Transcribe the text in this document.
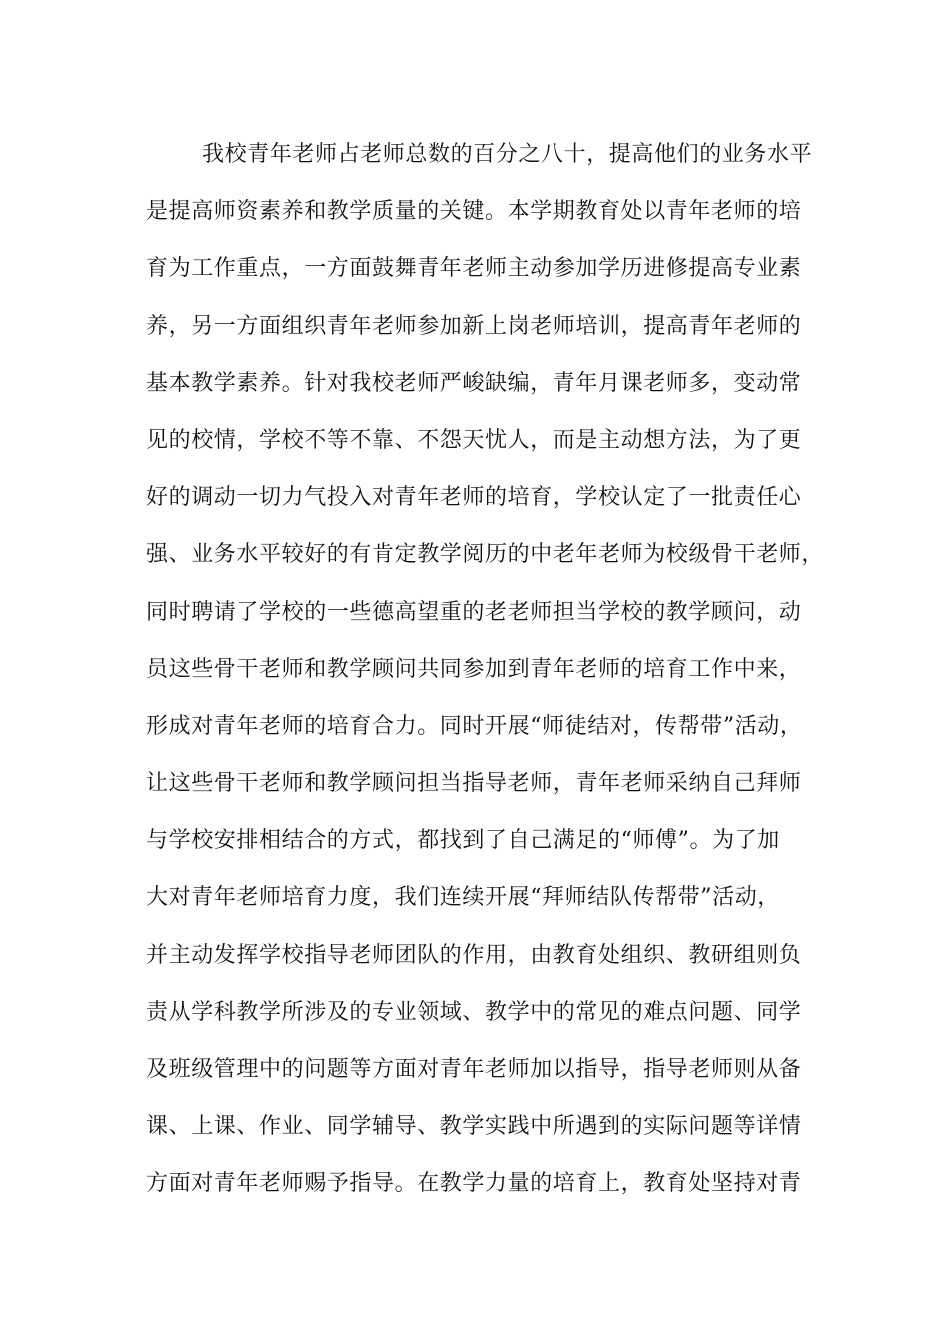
我校青年老师占老师总数的百分之八十，提高他们的业务水平
是提高师资素养和教学质量的关键。本学期教育处以青年老师的培
育为工作重点，一方面鼓舞青年老师主动参加学历进修提高专业素
养，另一方面组织青年老师参加新上岗老师培训，提高青年老师的
基本教学素养。针对我校老师严峻缺编，青年月课老师多，变动常
见的校情，学校不等不靠、不怨天忧人，而是主动想方法，为了更
好的调动一切力气投入对青年老师的培育，学校认定了一批责任心
强、业务水平较好的有肯定教学阅历的中老年老师为校级骨干老师，
同时聘请了学校的一些德高望重的老老师担当学校的教学顾问，动
员这些骨干老师和教学顾问共同参加到青年老师的培育工作中来，
形成对青年老师的培育合力。同时开展“师徒结对，传帮带”活动，
让这些骨干老师和教学顾问担当指导老师，青年老师采纳自己拜师
与学校安排相结合的方式，都找到了自己满足的“师傅”。为了加
大对青年老师培育力度，我们连续开展“拜师结队传帮带”活动，
并主动发挥学校指导老师团队的作用，由教育处组织、教研组则负
责从学科教学所涉及的专业领域、教学中的常见的难点问题、同学
及班级管理中的问题等方面对青年老师加以指导，指导老师则从备
课、上课、作业、同学辅导、教学实践中所遇到的实际问题等详情
方面对青年老师赐予指导。在教学力量的培育上，教育处坚持对青
